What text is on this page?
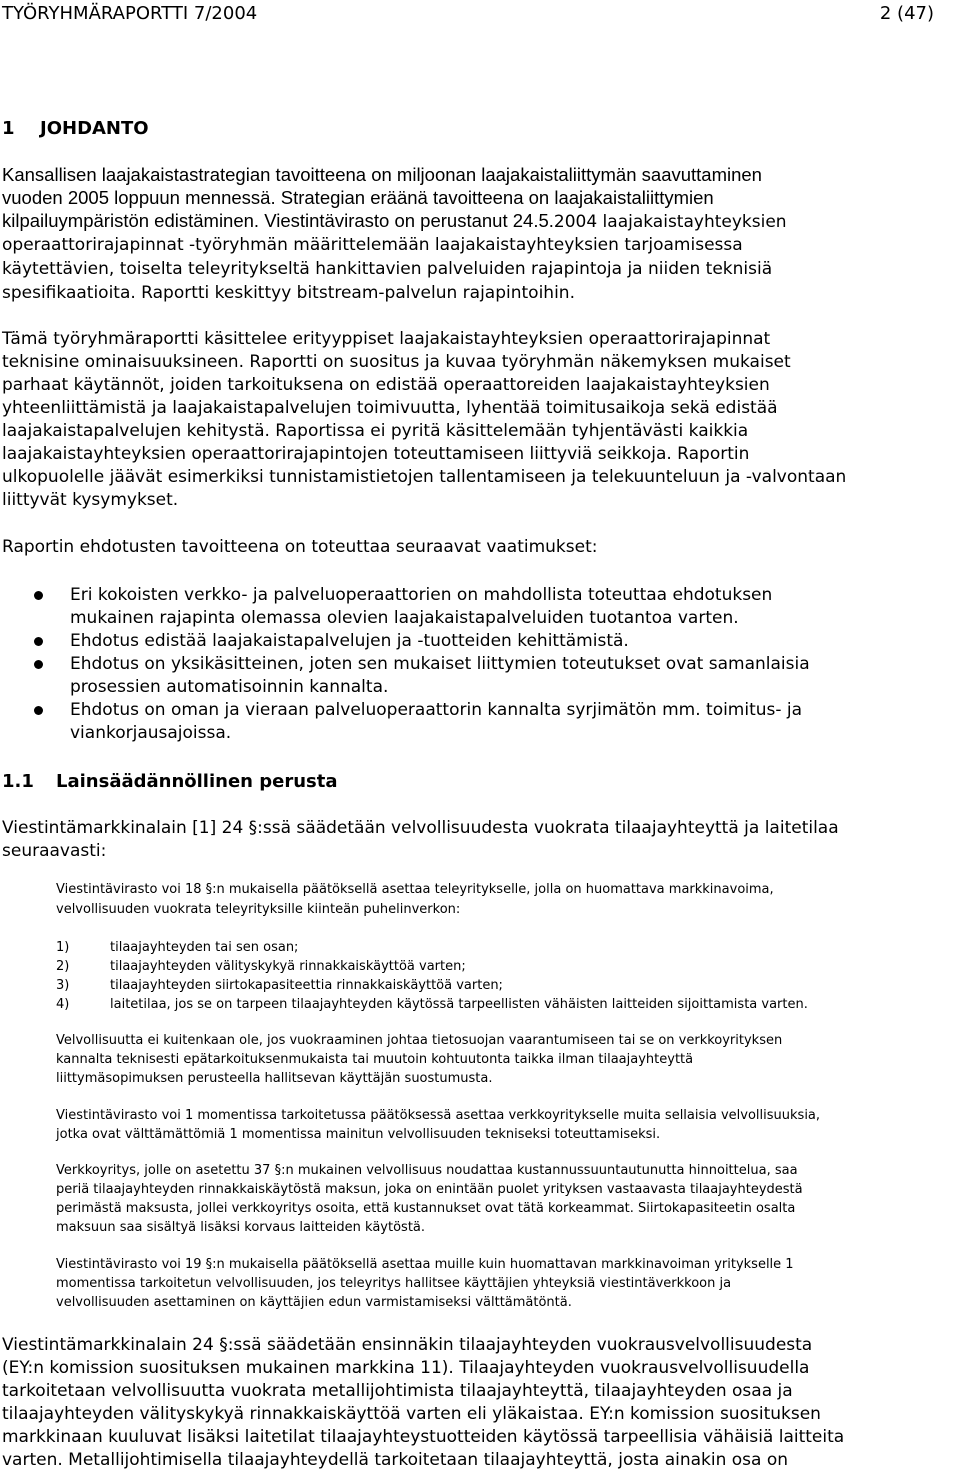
TYÖRYHMÄRAPORTTI 7/2004	2 (47)
1 JOHDANTO
Kansallisen laajakaistastrategian tavoitteena on miljoonan laajakaistaliittymän saavuttaminen
vuoden 2005 loppuun mennessä. Strategian eräänä tavoitteena on laajakaistaliittymien
kilpailuympäristön edistäminen. Viestintävirasto on perustanut 24.5.2004 laajakaistayhteyksien
operaattorirajapinnat -työryhmän määrittelemään laajakaistayhteyksien tarjoamisessa
käytettävien, toiselta teleyritykseltä hankittavien palveluiden rajapintoja ja niiden teknisiä
spesifikaatioita. Raportti keskittyy bitstream-palvelun rajapintoihin.
Tämä työryhmäraportti käsittelee erityyppiset laajakaistayhteyksien operaattorirajapinnat
teknisine ominaisuuksineen. Raportti on suositus ja kuvaa työryhmän näkemyksen mukaiset
parhaat käytännöt, joiden tarkoituksena on edistää operaattoreiden laajakaistayhteyksien
yhteenliittämistä ja laajakaistapalvelujen toimivuutta, lyhentää toimitusaikoja sekä edistää
laajakaistapalvelujen kehitystä. Raportissa ei pyritä käsittelemään tyhjentävästi kaikkia
laajakaistayhteyksien operaattorirajapintojen toteuttamiseen liittyviä seikkoja. Raportin
ulkopuolelle jäävät esimerkiksi tunnistamistietojen tallentamiseen ja telekuunteluun ja -valvontaan
liittyvät kysymykset.
Raportin ehdotusten tavoitteena on toteuttaa seuraavat vaatimukset:
Eri kokoisten verkko- ja palveluoperaattorien on mahdollista toteuttaa ehdotuksen
mukainen rajapinta olemassa olevien laajakaistapalveluiden tuotantoa varten.
Ehdotus edistää laajakaistapalvelujen ja -tuotteiden kehittämistä.
Ehdotus on yksikäsitteinen, joten sen mukaiset liittymien toteutukset ovat samanlaisia
prosessien automatisoinnin kannalta.
Ehdotus on oman ja vieraan palveluoperaattorin kannalta syrjimätön mm. toimitus- ja
viankorjausajoissa.
1.1 Lainsäädännöllinen perusta
Viestintämarkkinalain [1] 24 §:ssä säädetään velvollisuudesta vuokrata tilaajayhteyttä ja laitetilaa
seuraavasti:
Viestintävirasto voi 18 §:n mukaisella päätöksellä asettaa teleyritykselle, jolla on huomattava markkinavoima,
velvollisuuden vuokrata teleyrityksille kiinteän puhelinverkon:
1)	tilaajayhteyden tai sen osan;
2)	tilaajayhteyden välityskykyä rinnakkaiskäyttöä varten;
3)	tilaajayhteyden siirtokapasiteettia rinnakkaiskäyttöä varten;
4)	laitetilaa, jos se on tarpeen tilaajayhteyden käytössä tarpeellisten vähäisten laitteiden sijoittamista varten.
Velvollisuutta ei kuitenkaan ole, jos vuokraaminen johtaa tietosuojan vaarantumiseen tai se on verkkoyrityksen
kannalta teknisesti epätarkoituksenmukaista tai muutoin kohtuutonta taikka ilman tilaajayhteyttä
liittymäsopimuksen perusteella hallitsevan käyttäjän suostumusta.
Viestintävirasto voi 1 momentissa tarkoitetussa päätöksessä asettaa verkkoyritykselle muita sellaisia velvollisuuksia,
jotka ovat välttämättömiä 1 momentissa mainitun velvollisuuden tekniseksi toteuttamiseksi.
Verkkoyritys, jolle on asetettu 37 §:n mukainen velvollisuus noudattaa kustannussuuntautunutta hinnoittelua, saa
periä tilaajayhteyden rinnakkaiskäytöstä maksun, joka on enintään puolet yrityksen vastaavasta tilaajayhteydestä
perimästä maksusta, jollei verkkoyritys osoita, että kustannukset ovat tätä korkeammat. Siirtokapasiteetin osalta
maksuun saa sisältyä lisäksi korvaus laitteiden käytöstä.
Viestintävirasto voi 19 §:n mukaisella päätöksellä asettaa muille kuin huomattavan markkinavoiman yritykselle 1
momentissa tarkoitetun velvollisuuden, jos teleyritys hallitsee käyttäjien yhteyksiä viestintäverkkoon ja
velvollisuuden asettaminen on käyttäjien edun varmistamiseksi välttämätöntä.
Viestintämarkkinalain 24 §:ssä säädetään ensinnäkin tilaajayhteyden vuokrausvelvollisuudesta
(EY:n komission suosituksen mukainen markkina 11). Tilaajayhteyden vuokrausvelvollisuudella
tarkoitetaan velvollisuutta vuokrata metallijohtimista tilaajayhteyttä, tilaajayhteyden osaa ja
tilaajayhteyden välityskykyä rinnakkaiskäyttöä varten eli yläkaistaa. EY:n komission suosituksen
markkinaan kuuluvat lisäksi laitetilat tilaajayhteystuotteiden käytössä tarpeellisia vähäisiä laitteita
varten. Metallijohtimisella tilaajayhteydellä tarkoitetaan tilaajayhteyttä, josta ainakin osa on
